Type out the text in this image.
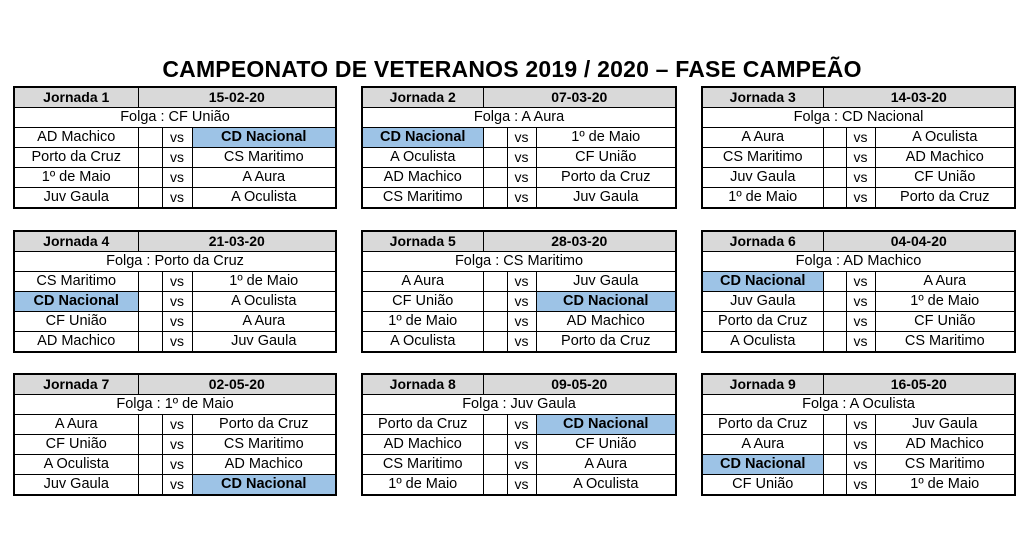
CAMPEONATO DE VETERANOS 2019 / 2020 – FASE CAMPEÃO
Jornada 1	15-02-20		
Folga : CF União			
AD Machico		vs	CD Nacional
Porto da Cruz		vs	CS Maritimo
1º de Maio		vs	A Aura
Juv Gaula		vs	A Oculista
Jornada 2	07-03-20		
Folga : A Aura			
CD Nacional		vs	1º de Maio
A Oculista		vs	CF União
AD Machico		vs	Porto da Cruz
CS Maritimo		vs	Juv Gaula
Jornada 3	14-03-20		
Folga : CD Nacional			
A Aura		vs	A Oculista
CS Maritimo		vs	AD Machico
Juv Gaula		vs	CF União
1º de Maio		vs	Porto da Cruz
Jornada 4	21-03-20		
Folga : Porto da Cruz			
CS Maritimo		vs	1º de Maio
CD Nacional		vs	A Oculista
CF União		vs	A Aura
AD Machico		vs	Juv Gaula
Jornada 5	28-03-20		
Folga : CS Maritimo			
A Aura		vs	Juv Gaula
CF União		vs	CD Nacional
1º de Maio		vs	AD Machico
A Oculista		vs	Porto da Cruz
Jornada 6	04-04-20		
Folga : AD Machico			
CD Nacional		vs	A Aura
Juv Gaula		vs	1º de Maio
Porto da Cruz		vs	CF União
A Oculista		vs	CS Maritimo
Jornada 7	02-05-20		
Folga : 1º de Maio			
A Aura		vs	Porto da Cruz
CF União		vs	CS Maritimo
A Oculista		vs	AD Machico
Juv Gaula		vs	CD Nacional
Jornada 8	09-05-20		
Folga : Juv Gaula			
Porto da Cruz		vs	CD Nacional
AD Machico		vs	CF União
CS Maritimo		vs	A Aura
1º de Maio		vs	A Oculista
Jornada 9	16-05-20		
Folga : A Oculista			
Porto da Cruz		vs	Juv Gaula
A Aura		vs	AD Machico
CD Nacional		vs	CS Maritimo
CF União		vs	1º de Maio
